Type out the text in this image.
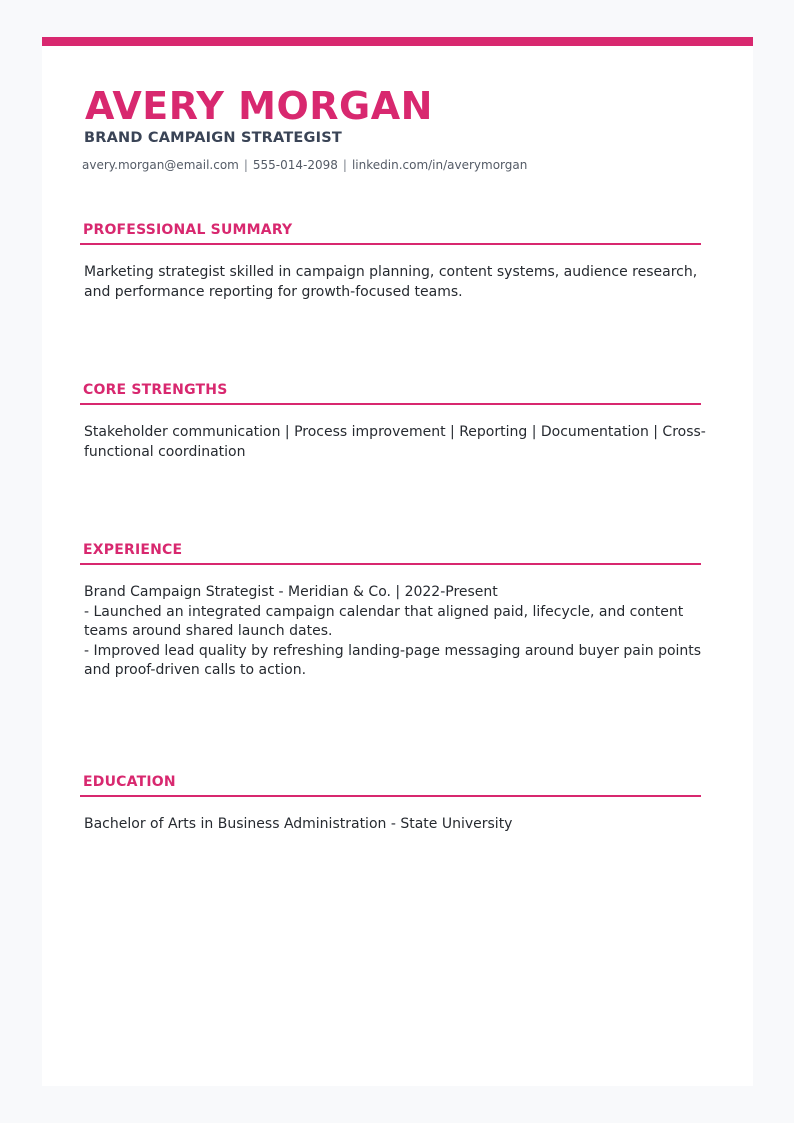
AVERY MORGAN
BRAND CAMPAIGN STRATEGIST
avery.morgan@email.com | 555-014-2098 | linkedin.com/in/averymorgan
PROFESSIONAL SUMMARY
Marketing strategist skilled in campaign planning, content systems, audience research, and performance reporting for growth-focused teams.
CORE STRENGTHS
Stakeholder communication | Process improvement | Reporting | Documentation | Cross-functional coordination
EXPERIENCE
Brand Campaign Strategist - Meridian & Co. | 2022-Present
- Launched an integrated campaign calendar that aligned paid, lifecycle, and content teams around shared launch dates.
- Improved lead quality by refreshing landing-page messaging around buyer pain points and proof-driven calls to action.
EDUCATION
Bachelor of Arts in Business Administration - State University
